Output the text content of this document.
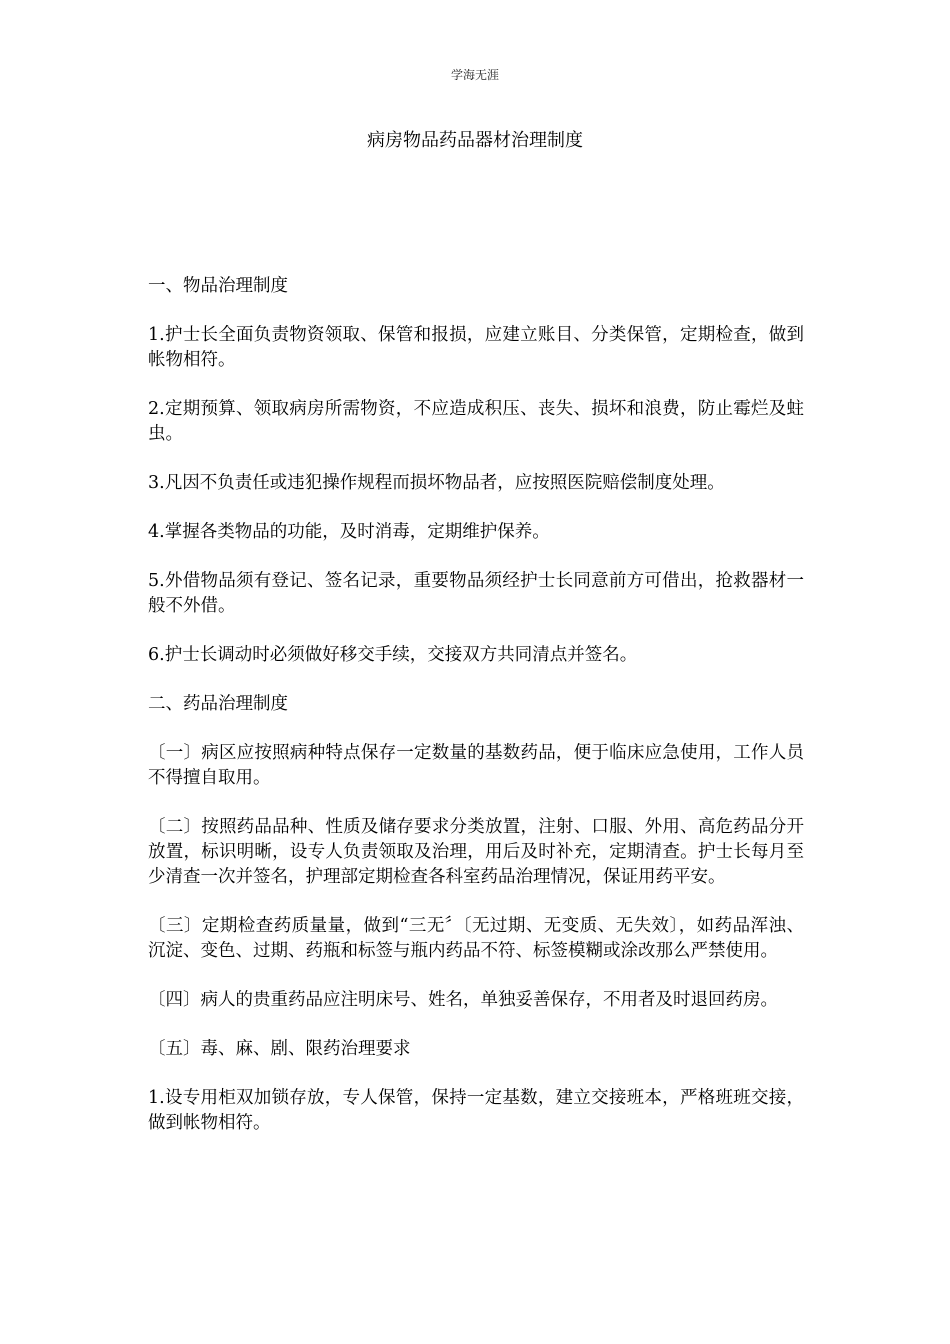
学海无涯
病房物品药品器材治理制度

一、物品治理制度

1.护士长全面负责物资领取、保管和报损，应建立账目、分类保管，定期检查，做到帐物相符。

2.定期预算、领取病房所需物资，不应造成积压、丧失、损坏和浪费，防止霉烂及蛀虫。

3.凡因不负责任或违犯操作规程而损坏物品者，应按照医院赔偿制度处理。

4.掌握各类物品的功能，及时消毒，定期维护保养。

5.外借物品须有登记、签名记录，重要物品须经护士长同意前方可借出，抢救器材一般不外借。

6.护士长调动时必须做好移交手续，交接双方共同清点并签名。

二、药品治理制度

〔一〕病区应按照病种特点保存一定数量的基数药品，便于临床应急使用，工作人员不得擅自取用。

〔二〕按照药品品种、性质及储存要求分类放置，注射、口服、外用、高危药品分开放置，标识明晰，设专人负责领取及治理，用后及时补充，定期清查。护士长每月至少清查一次并签名，护理部定期检查各科室药品治理情况，保证用药平安。

〔三〕定期检查药质量量，做到“三无〞〔无过期、无变质、无失效〕，如药品浑浊、沉淀、变色、过期、药瓶和标签与瓶内药品不符、标签模糊或涂改那么严禁使用。

〔四〕病人的贵重药品应注明床号、姓名，单独妥善保存，不用者及时退回药房。

〔五〕毒、麻、剧、限药治理要求

1.设专用柜双加锁存放，专人保管，保持一定基数，建立交接班本，严格班班交接，做到帐物相符。
